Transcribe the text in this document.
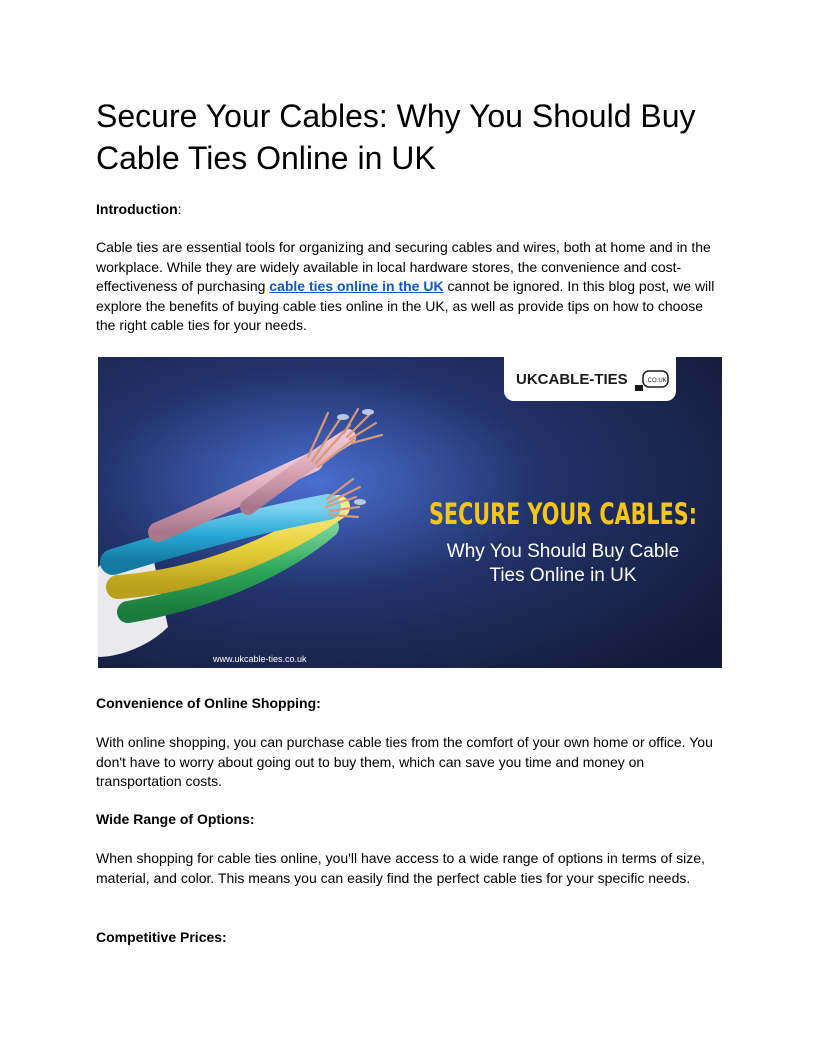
Secure Your Cables: Why You Should Buy Cable Ties Online in UK

Introduction:

Cable ties are essential tools for organizing and securing cables and wires, both at home and in the workplace. While they are widely available in local hardware stores, the convenience and cost-effectiveness of purchasing cable ties online in the UK cannot be ignored. In this blog post, we will explore the benefits of buying cable ties online in the UK, as well as provide tips on how to choose the right cable ties for your needs.

Convenience of Online Shopping:

With online shopping, you can purchase cable ties from the comfort of your own home or office. You don't have to worry about going out to buy them, which can save you time and money on transportation costs.

Wide Range of Options:

When shopping for cable ties online, you'll have access to a wide range of options in terms of size, material, and color. This means you can easily find the perfect cable ties for your specific needs.

Competitive Prices:

UKCABLE-TIES	.CO.UK
SECURE YOUR CABLES:
Why You Should Buy Cable
Ties Online in UK
www.ukcable-ties.co.uk
